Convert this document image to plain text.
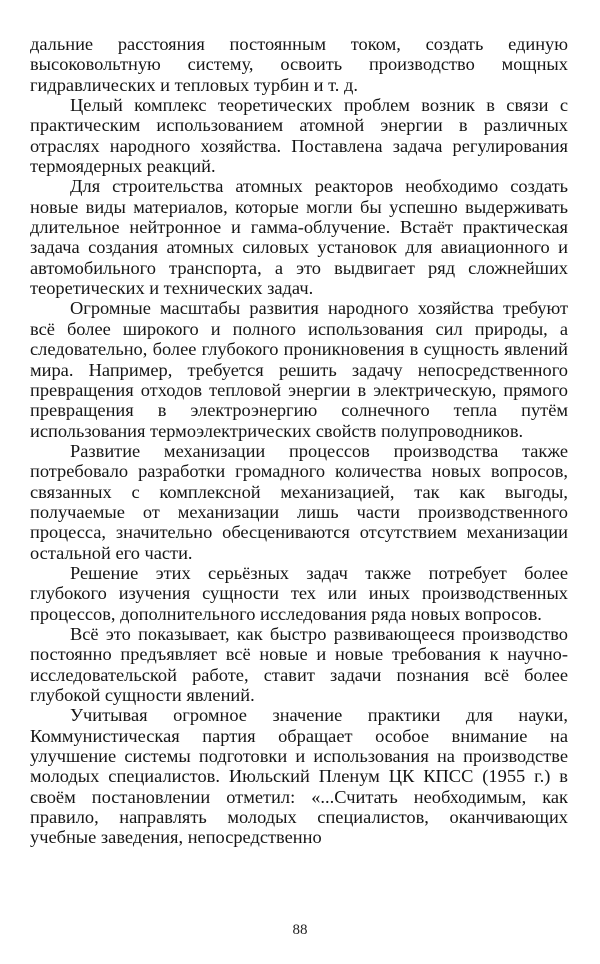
дальние расстояния постоянным током, создать единую высоковольтную систему, освоить производство мощных гидравлических и тепловых турбин и т. д.

Целый комплекс теоретических проблем возник в связи с практическим использованием атомной энергии в различных отраслях народного хозяйства. Поставлена задача регулирования термоядерных реакций.

Для строительства атомных реакторов необходимо создать новые виды материалов, которые могли бы успешно выдерживать длительное нейтронное и гамма-облучение. Встаёт практическая задача создания атомных силовых установок для авиационного и автомобильного транспорта, а это выдвигает ряд сложнейших теоретических и технических задач.

Огромные масштабы развития народного хозяйства требуют всё более широкого и полного использования сил природы, а следовательно, более глубокого проникновения в сущность явлений мира. Например, требуется решить задачу непосредственного превращения отходов тепловой энергии в электрическую, прямого превращения в электроэнергию солнечного тепла путём использования термоэлектрических свойств полупроводников.

Развитие механизации процессов производства также потребовало разработки громадного количества новых вопросов, связанных с комплексной механизацией, так как выгоды, получаемые от механизации лишь части производственного процесса, значительно обесцениваются отсутствием механизации остальной его части.

Решение этих серьёзных задач также потребует более глубокого изучения сущности тех или иных производственных процессов, дополнительного исследования ряда новых вопросов.

Всё это показывает, как быстро развивающееся производство постоянно предъявляет всё новые и новые требования к научно-исследовательской работе, ставит задачи познания всё более глубокой сущности явлений.

Учитывая огромное значение практики для науки, Коммунистическая партия обращает особое внимание на улучшение системы подготовки и использования на производстве молодых специалистов. Июльский Пленум ЦК КПСС (1955 г.) в своём постановлении отметил: «...Считать необходимым, как правило, направлять молодых специалистов, оканчивающих учебные заведения, непосредственно

88
